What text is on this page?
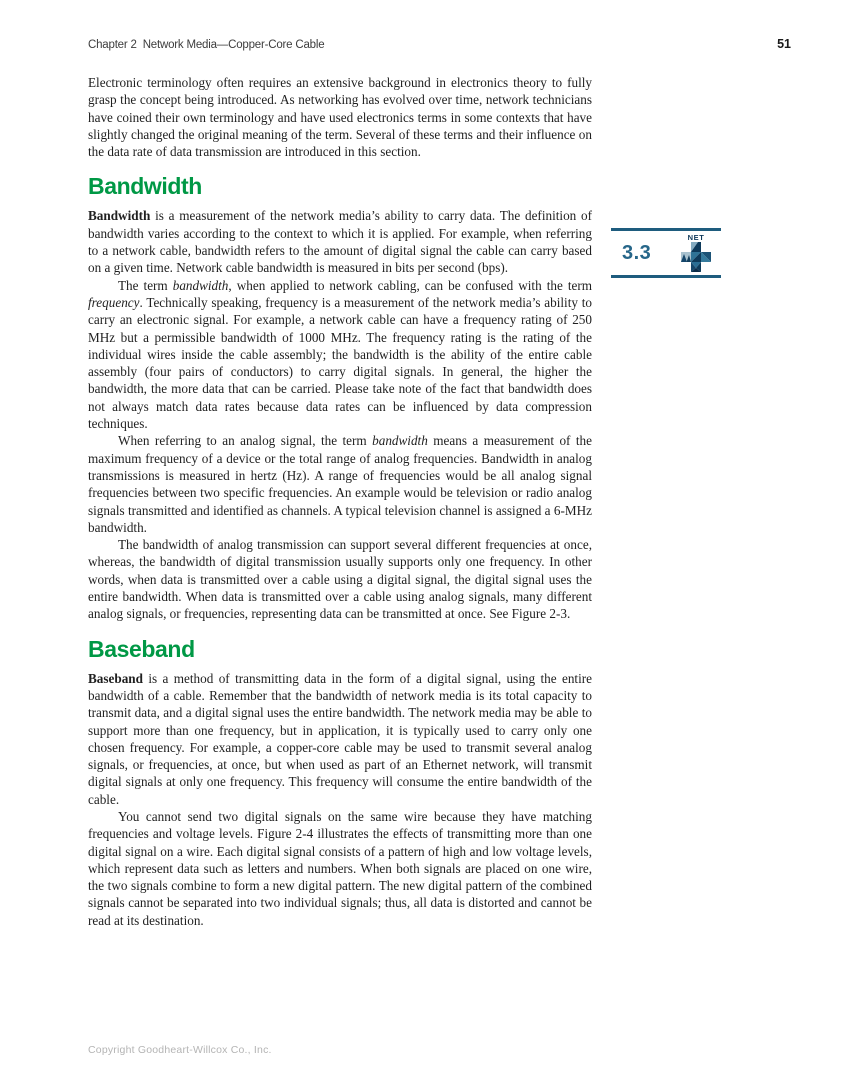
Chapter 2  Network Media—Copper-Core Cable	51

Electronic terminology often requires an extensive background in electronics theory to fully grasp the concept being introduced. As networking has evolved over time, network technicians have coined their own terminology and have used electronics terms in some contexts that have slightly changed the original meaning of the term. Several of these terms and their influence on the data rate of data transmission are introduced in this section.

Bandwidth

Bandwidth is a measurement of the network media’s ability to carry data. The definition of bandwidth varies according to the context to which it is applied. For example, when referring to a network cable, bandwidth refers to the amount of digital signal the cable can carry based on a given time. Network cable bandwidth is measured in bits per second (bps).

The term bandwidth, when applied to network cabling, can be confused with the term frequency. Technically speaking, frequency is a measurement of the network media’s ability to carry an electronic signal. For example, a network cable can have a frequency rating of 250 MHz but a permissible bandwidth of 1000 MHz. The frequency rating is the rating of the individual wires inside the cable assembly; the bandwidth is the ability of the entire cable assembly (four pairs of conductors) to carry digital signals. In general, the higher the bandwidth, the more data that can be carried. Please take note of the fact that bandwidth does not always match data rates because data rates can be influenced by data compression techniques.

When referring to an analog signal, the term bandwidth means a measurement of the maximum frequency of a device or the total range of analog frequencies. Bandwidth in analog transmissions is measured in hertz (Hz). A range of frequencies would be all analog signal frequencies between two specific frequencies. An example would be television or radio analog signals transmitted and identified as channels. A typical television channel is assigned a 6-MHz bandwidth.

The bandwidth of analog transmission can support several different frequencies at once, whereas, the bandwidth of digital transmission usually supports only one frequency. In other words, when data is transmitted over a cable using a digital signal, the digital signal uses the entire bandwidth. When data is transmitted over a cable using analog signals, many different analog signals, or frequencies, representing data can be transmitted at once. See Figure 2-3.

Baseband

Baseband is a method of transmitting data in the form of a digital signal, using the entire bandwidth of a cable. Remember that the bandwidth of network media is its total capacity to transmit data, and a digital signal uses the entire bandwidth. The network media may be able to support more than one frequency, but in application, it is typically used to carry only one chosen frequency. For example, a copper-core cable may be used to transmit several analog signals, or frequencies, at once, but when used as part of an Ethernet network, will transmit digital signals at only one frequency. This frequency will consume the entire bandwidth of the cable.

You cannot send two digital signals on the same wire because they have matching frequencies and voltage levels. Figure 2-4 illustrates the effects of transmitting more than one digital signal on a wire. Each digital signal consists of a pattern of high and low voltage levels, which represent data such as letters and numbers. When both signals are placed on one wire, the two signals combine to form a new digital pattern. The new digital pattern of the combined signals cannot be separated into two individual signals; thus, all data is distorted and cannot be read at its destination.

3.3
NET
Copyright Goodheart-Willcox Co., Inc.
